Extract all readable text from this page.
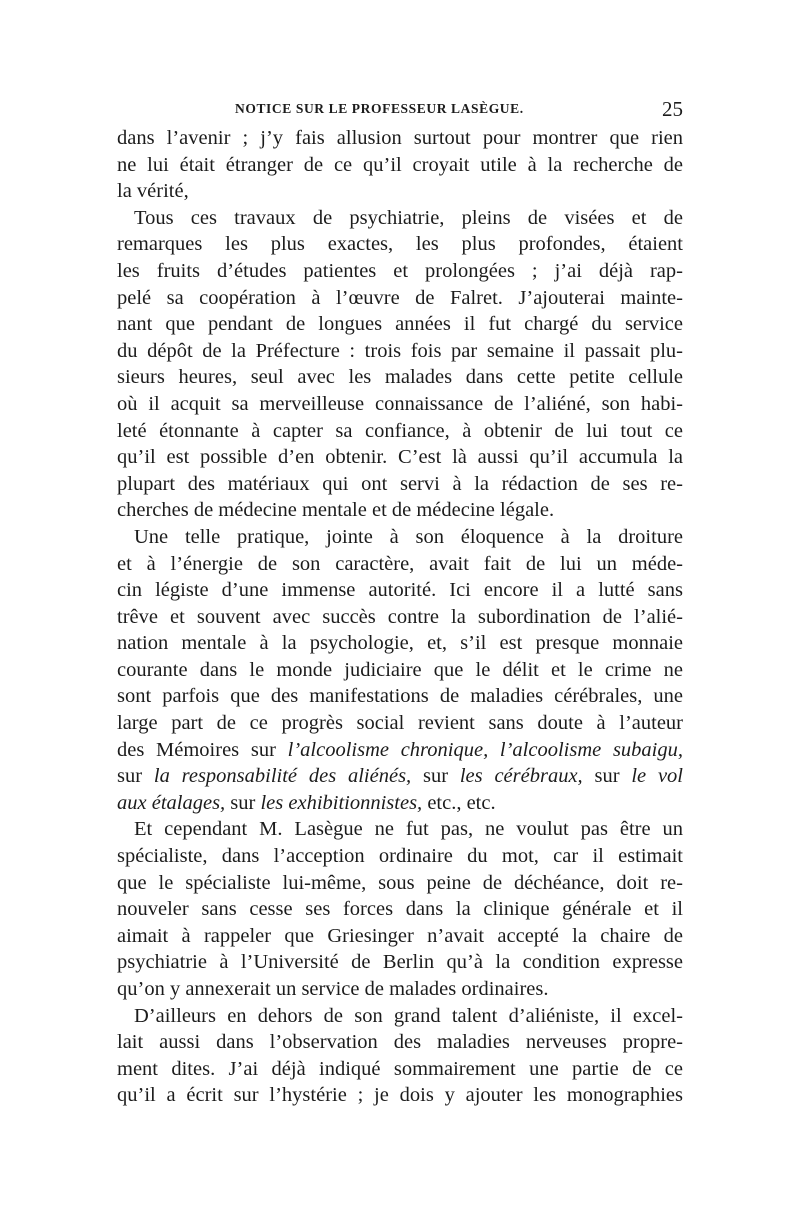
NOTICE SUR LE PROFESSEUR LASÈGUE.	25
dans l’avenir ; j’y fais allusion surtout pour montrer que rien
ne lui était étranger de ce qu’il croyait utile à la recherche de
la vérité,
Tous ces travaux de psychiatrie, pleins de visées et de
remarques les plus exactes, les plus profondes, étaient
les fruits d’études patientes et prolongées ; j’ai déjà rap-
pelé sa coopération à l’œuvre de Falret. J’ajouterai mainte-
nant que pendant de longues années il fut chargé du service
du dépôt de la Préfecture : trois fois par semaine il passait plu-
sieurs heures, seul avec les malades dans cette petite cellule
où il acquit sa merveilleuse connaissance de l’aliéné, son habi-
leté étonnante à capter sa confiance, à obtenir de lui tout ce
qu’il est possible d’en obtenir. C’est là aussi qu’il accumula la
plupart des matériaux qui ont servi à la rédaction de ses re-
cherches de médecine mentale et de médecine légale.
Une telle pratique, jointe à son éloquence à la droiture
et à l’énergie de son caractère, avait fait de lui un méde-
cin légiste d’une immense autorité. Ici encore il a lutté sans
trêve et souvent avec succès contre la subordination de l’alié-
nation mentale à la psychologie, et, s’il est presque monnaie
courante dans le monde judiciaire que le délit et le crime ne
sont parfois que des manifestations de maladies cérébrales, une
large part de ce progrès social revient sans doute à l’auteur
des Mémoires sur l’alcoolisme chronique, l’alcoolisme subaigu,
sur la responsabilité des aliénés, sur les cérébraux, sur le vol
aux étalages, sur les exhibitionnistes, etc., etc.
Et cependant M. Lasègue ne fut pas, ne voulut pas être un
spécialiste, dans l’acception ordinaire du mot, car il estimait
que le spécialiste lui-même, sous peine de déchéance, doit re-
nouveler sans cesse ses forces dans la clinique générale et il
aimait à rappeler que Griesinger n’avait accepté la chaire de
psychiatrie à l’Université de Berlin qu’à la condition expresse
qu’on y annexerait un service de malades ordinaires.
D’ailleurs en dehors de son grand talent d’aliéniste, il excel-
lait aussi dans l’observation des maladies nerveuses propre-
ment dites. J’ai déjà indiqué sommairement une partie de ce
qu’il a écrit sur l’hystérie ; je dois y ajouter les monographies
